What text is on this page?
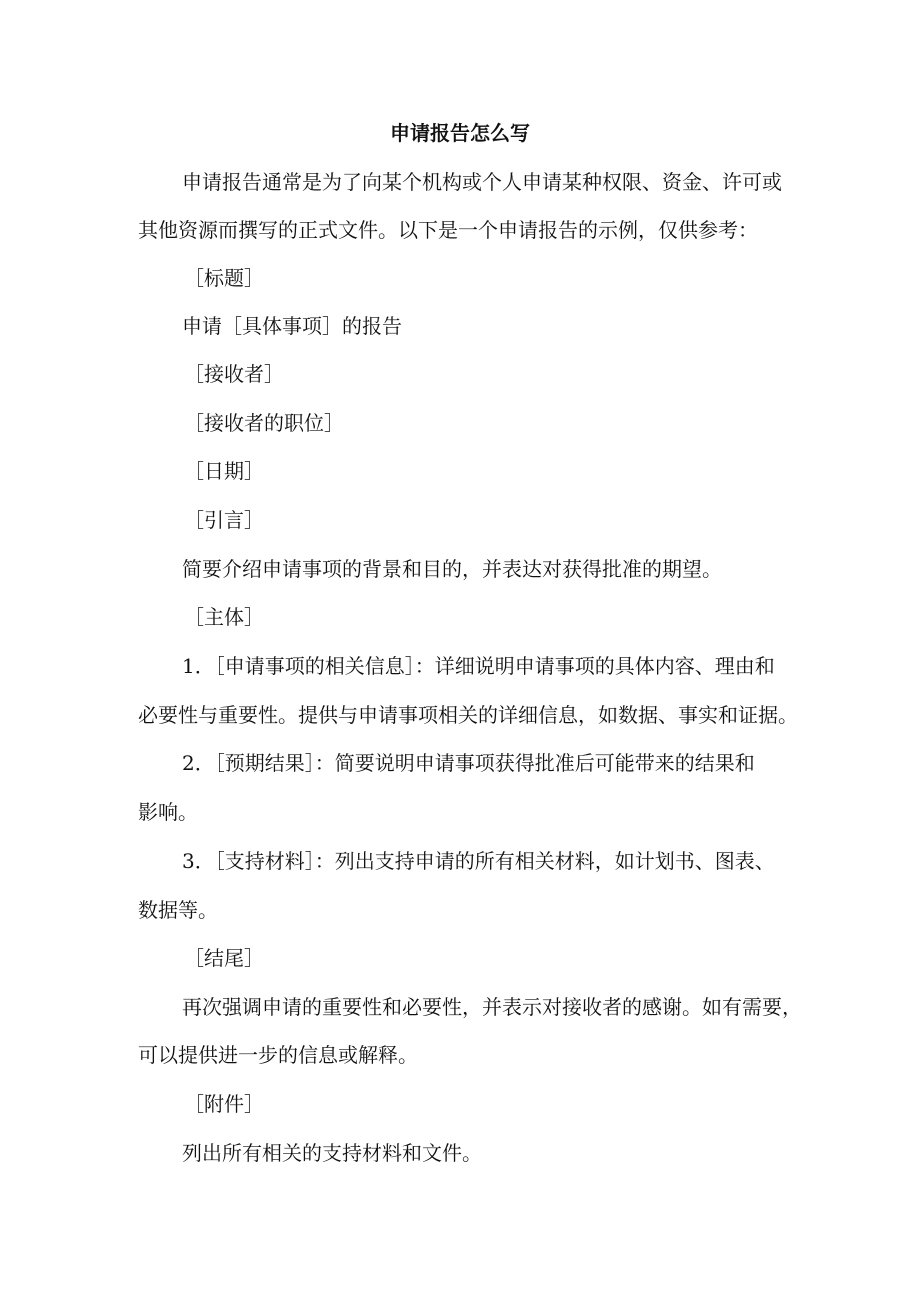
申请报告怎么写
申请报告通常是为了向某个机构或个人申请某种权限、资金、许可或
其他资源而撰写的正式文件。以下是一个申请报告的示例，仅供参考：
［标题］
申请［具体事项］的报告
［接收者］
［接收者的职位］
［日期］
［引言］
简要介绍申请事项的背景和目的，并表达对获得批准的期望。
［主体］
1．［申请事项的相关信息］：详细说明申请事项的具体内容、理由和
必要性与重要性。提供与申请事项相关的详细信息，如数据、事实和证据。
2．［预期结果］：简要说明申请事项获得批准后可能带来的结果和
影响。
3．［支持材料］：列出支持申请的所有相关材料，如计划书、图表、
数据等。
［结尾］
再次强调申请的重要性和必要性，并表示对接收者的感谢。如有需要，
可以提供进一步的信息或解释。
［附件］
列出所有相关的支持材料和文件。
